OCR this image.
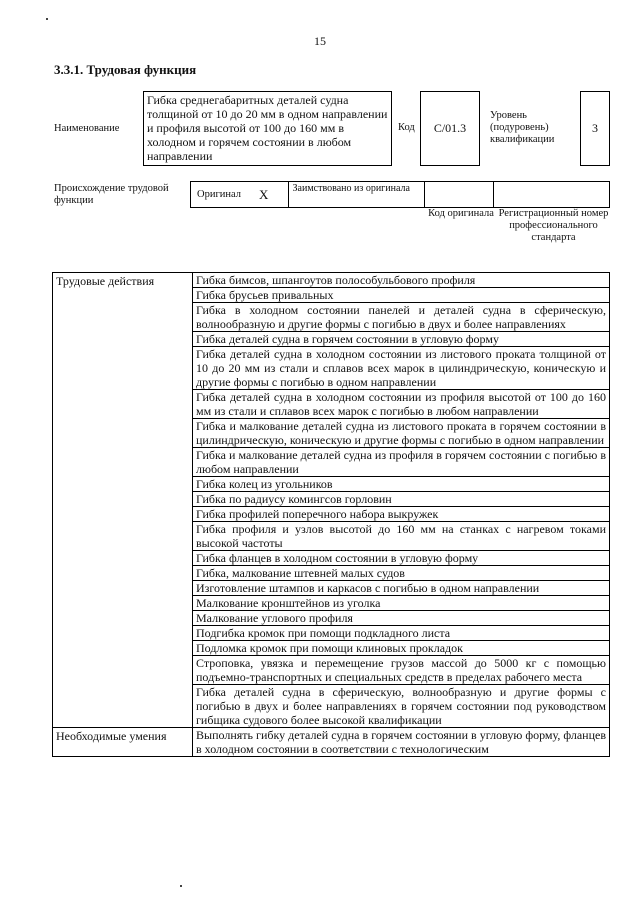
15
3.3.1. Трудовая функция
Наименование
Гибка среднегабаритных деталей судна толщиной от 10 до 20 мм в одном направлении и профиля высотой от 100 до 160 мм в холодном и горячем состоянии в любом направлении
Код	С/01.3
Уровень (подуровень) квалификации
3
Происхождение трудовой функции
Оригинал X	Заимствовано из оригинала
Код оригинала Регистрационный номер профессионального стандарта
Трудовые действия	Гибка бимсов, шпангоутов полособульбового профиля
	Гибка брусьев привальных
	Гибка в холодном состоянии панелей и деталей судна в сферическую, волнообразную и другие формы с погибью в двух и более направлениях
	Гибка деталей судна в горячем состоянии в угловую форму
	Гибка деталей судна в холодном состоянии из листового проката толщиной от 10 до 20 мм из стали и сплавов всех марок в цилиндрическую, коническую и другие формы с погибью в одном направлении
	Гибка деталей судна в холодном состоянии из профиля высотой от 100 до 160 мм из стали и сплавов всех марок с погибью в любом направлении
	Гибка и малкование деталей судна из листового проката в горячем состоянии в цилиндрическую, коническую и другие формы с погибью в одном направлении
	Гибка и малкование деталей судна из профиля в горячем состоянии с погибью в любом направлении
	Гибка колец из угольников
	Гибка по радиусу комингсов горловин
	Гибка профилей поперечного набора выкружек
	Гибка профиля и узлов высотой до 160 мм на станках с нагревом токами высокой частоты
	Гибка фланцев в холодном состоянии в угловую форму
	Гибка, малкование штевней малых судов
	Изготовление штампов и каркасов с погибью в одном направлении
	Малкование кронштейнов из уголка
	Малкование углового профиля
	Подгибка кромок при помощи подкладного листа
	Подломка кромок при помощи клиновых прокладок
	Строповка, увязка и перемещение грузов массой до 5000 кг с помощью подъемно-транспортных и специальных средств в пределах рабочего места
	Гибка деталей судна в сферическую, волнообразную и другие формы с погибью в двух и более направлениях в горячем состоянии под руководством гибщика судового более высокой квалификации
Необходимые умения	Выполнять гибку деталей судна в горячем состоянии в угловую форму, фланцев в холодном состоянии в соответствии с технологическим
